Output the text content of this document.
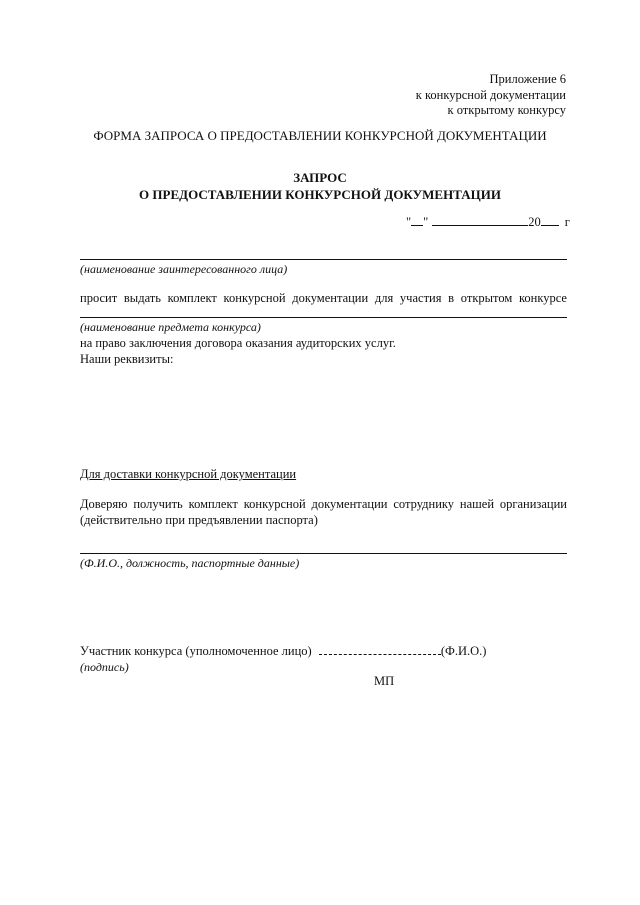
Приложение 6
к конкурсной документации
к открытому конкурсу
ФОРМА ЗАПРОСА О ПРЕДОСТАВЛЕНИИ КОНКУРСНОЙ ДОКУМЕНТАЦИИ
ЗАПРОС
О ПРЕДОСТАВЛЕНИИ КОНКУРСНОЙ ДОКУМЕНТАЦИИ
" "	20 г
(наименование заинтересованного лица)
просит выдать комплект конкурсной документации для участия в открытом конкурсе
(наименование предмета конкурса)
на право заключения договора оказания аудиторских услуг.
Наши реквизиты:
Для доставки конкурсной документации
Доверяю получить комплект конкурсной документации сотруднику нашей организации
(действительно при предъявлении паспорта)
(Ф.И.О., должность, паспортные данные)
Участник конкурса (уполномоченное лицо)	(Ф.И.О.)
(подпись)
МП
